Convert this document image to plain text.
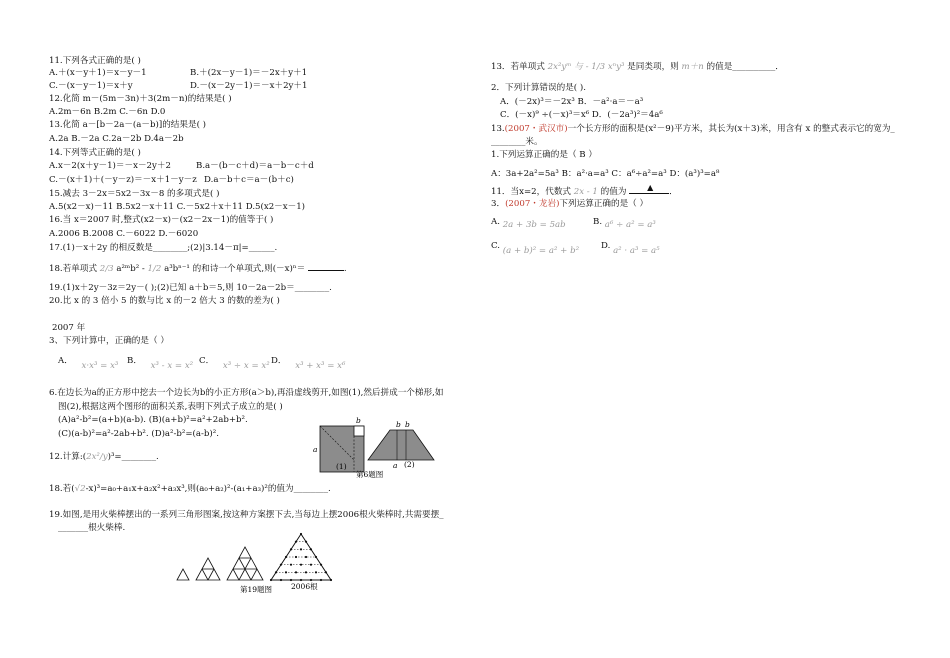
11.下列各式正确的是( )
A.＋(x－y＋1)＝x－y－1	B.＋(2x－y－1)＝－2x＋y＋1
C.－(x－y－1)＝x＋y	D.－(x－2y－1)＝－x＋2y＋1
12.化简 m－(5m－3n)＋3(2m－n)的结果是( )
A.2m－6n B.2m C.－6n D.0
13.化简 a－[b－2a－(a－b)]的结果是( )
A.2a B.－2a C.2a－2b D.4a－2b
14.下列等式正确的是( )
A.x－2(x＋y－1)＝－x－2y＋2	B.a－(b－c＋d)＝a－b－c＋d
C.－(x＋1)＋(－y－z)＝－x＋1－y－z D.a－b＋c＝a－(b＋c)
15.减去 3－2x＝5x2－3x－8 的多项式是( )
A.5(x2－x)－11 B.5x2－x＋11 C.－5x2＋x＋11 D.5(x2－x－1)
16.当 x＝2007 时,整式(x2－x)－(x2－2x－1)的值等于( )
A.2006 B.2008 C.－6022 D.－6020
17.(1)－x＋2y 的相反数是________;(2)|3.14－π|=______.
18.若单项式 2/3 a²ᵐb² - 1/2 a³bⁿ⁻¹ 的和诗一个单项式,则(－x)ⁿ＝	.
19.(1)x＋2y－3z＝2y－( );(2)已知 a＋b＝5,则 10－2a－2b＝________.
20.比 x 的 3 倍小 5 的数与比 x 的－2 倍大 3 的数的差为( )
2007 年
3、下列计算中，正确的是（ ）
A． x·x³ = x³ B． x³ - x = x² C． x³ ÷ x = x² D． x³ + x³ = x⁶
6.在边长为a的正方形中挖去一个边长为b的小正方形(a＞b),再沿虚线剪开,如图(1),然后拼成一个梯形,如
图(2),根据这两个图形的面积关系,表明下列式子成立的是( )
(A)a²-b²=(a+b)(a-b). (B)(a+b)²=a²+2ab+b².
(C)(a-b)²=a²-2ab+b². (D)a²-b²=(a-b)².
a
b	b b
a
(1)	(2)
第6题图
12.计算:(2x²/y)³=________.
18.若(√2-x)³=a₀+a₁x+a₂x²+a₃x³,则(a₀+a₂)²-(a₁+a₃)²的值为________.
19.如图,是用火柴棒摆出的一系列三角形图案,按这种方案摆下去,当每边上摆2006根火柴棒时,共需要摆_
_______根火柴棒.
第19题图	2006根
13．若单项式 2x²yᵐ 与 - 1/3 xⁿy³ 是同类项，则 m＋n 的值是__________．
2．下列计算错误的是( ).
A．(－2x)³＝－2x³ B．－a²·a＝－a³
C．(－x)⁹ ÷(－x)³＝x⁶ D．(－2a³)²＝4a⁶
13.(2007・武汉市)一个长方形的面积是(x²－9)平方米，其长为(x＋3)米，用含有 x 的整式表示它的宽为_
________米。
1.下列运算正确的是（ B ）
A：3a+2a²=5a³ B：a²·a=a³ C：a⁶÷a²=a³ D：(a³)³=a⁸
11．当x=2，代数式 2x - 1 的值为	▲ ．
3．(2007・龙岩)下列运算正确的是（ ）
A. 2a + 3b = 5ab	B. a⁶ ÷ a² = a³
C. (a + b)² = a² + b²	D. a² · a³ = a⁵
